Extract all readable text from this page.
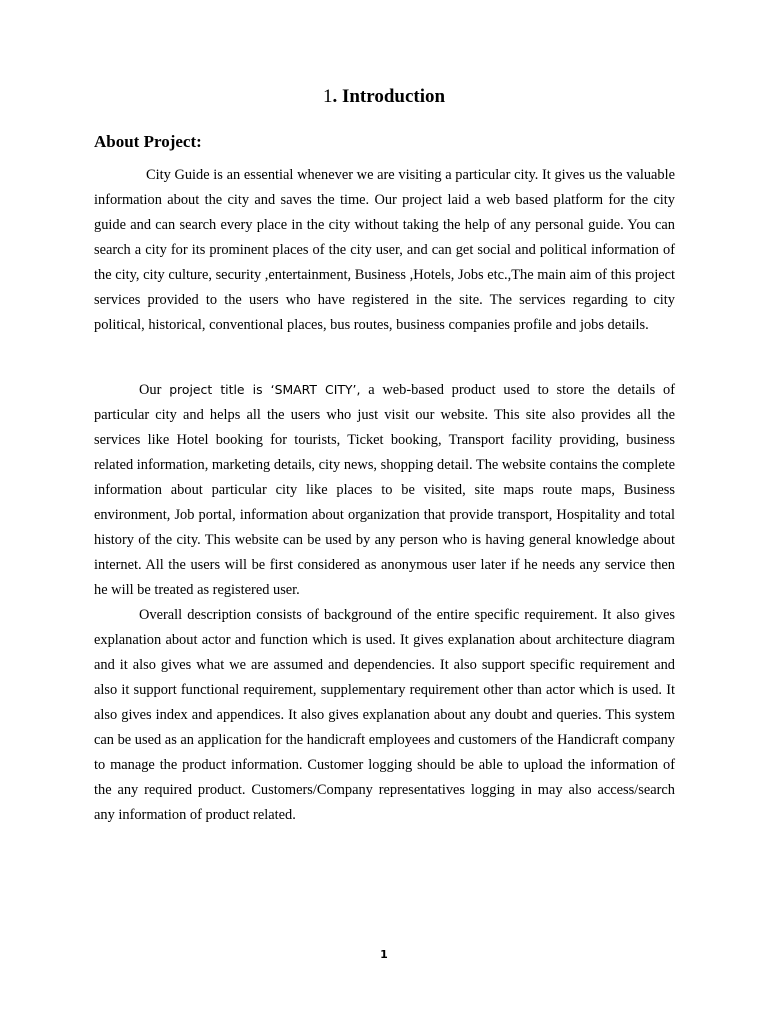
1. Introduction
About Project:

City Guide is an essential whenever we are visiting a particular city. It gives us the valuable information about the city and saves the time. Our project laid a web based platform for the city guide and can search every place in the city without taking the help of any personal guide. You can search a city for its prominent places of the city user, and can get social and political information of the city, city culture, security ,entertainment, Business ,Hotels, Jobs etc.,The main aim of this project services provided to the users who have registered in the site. The services regarding to city political, historical, conventional places, bus routes, business companies profile and jobs details.

Our project title is ‘SMART CITY’, a web-based product used to store the details of particular city and helps all the users who just visit our website. This site also provides all the services like Hotel booking for tourists, Ticket booking, Transport facility providing, business related information, marketing details, city news, shopping detail. The website contains the complete information about particular city like places to be visited, site maps route maps, Business environment, Job portal, information about organization that provide transport, Hospitality and total history of the city. This website can be used by any person who is having general knowledge about internet. All the users will be first considered as anonymous user later if he needs any service then he will be treated as registered user.

Overall description consists of background of the entire specific requirement. It also gives explanation about actor and function which is used. It gives explanation about architecture diagram and it also gives what we are assumed and dependencies. It also support specific requirement and also it support functional requirement, supplementary requirement other than actor which is used. It also gives index and appendices. It also gives explanation about any doubt and queries. This system can be used as an application for the handicraft employees and customers of the Handicraft company to manage the product information. Customer logging should be able to upload the information of the any required product. Customers/Company representatives logging in may also access/search any information of product related.

1
